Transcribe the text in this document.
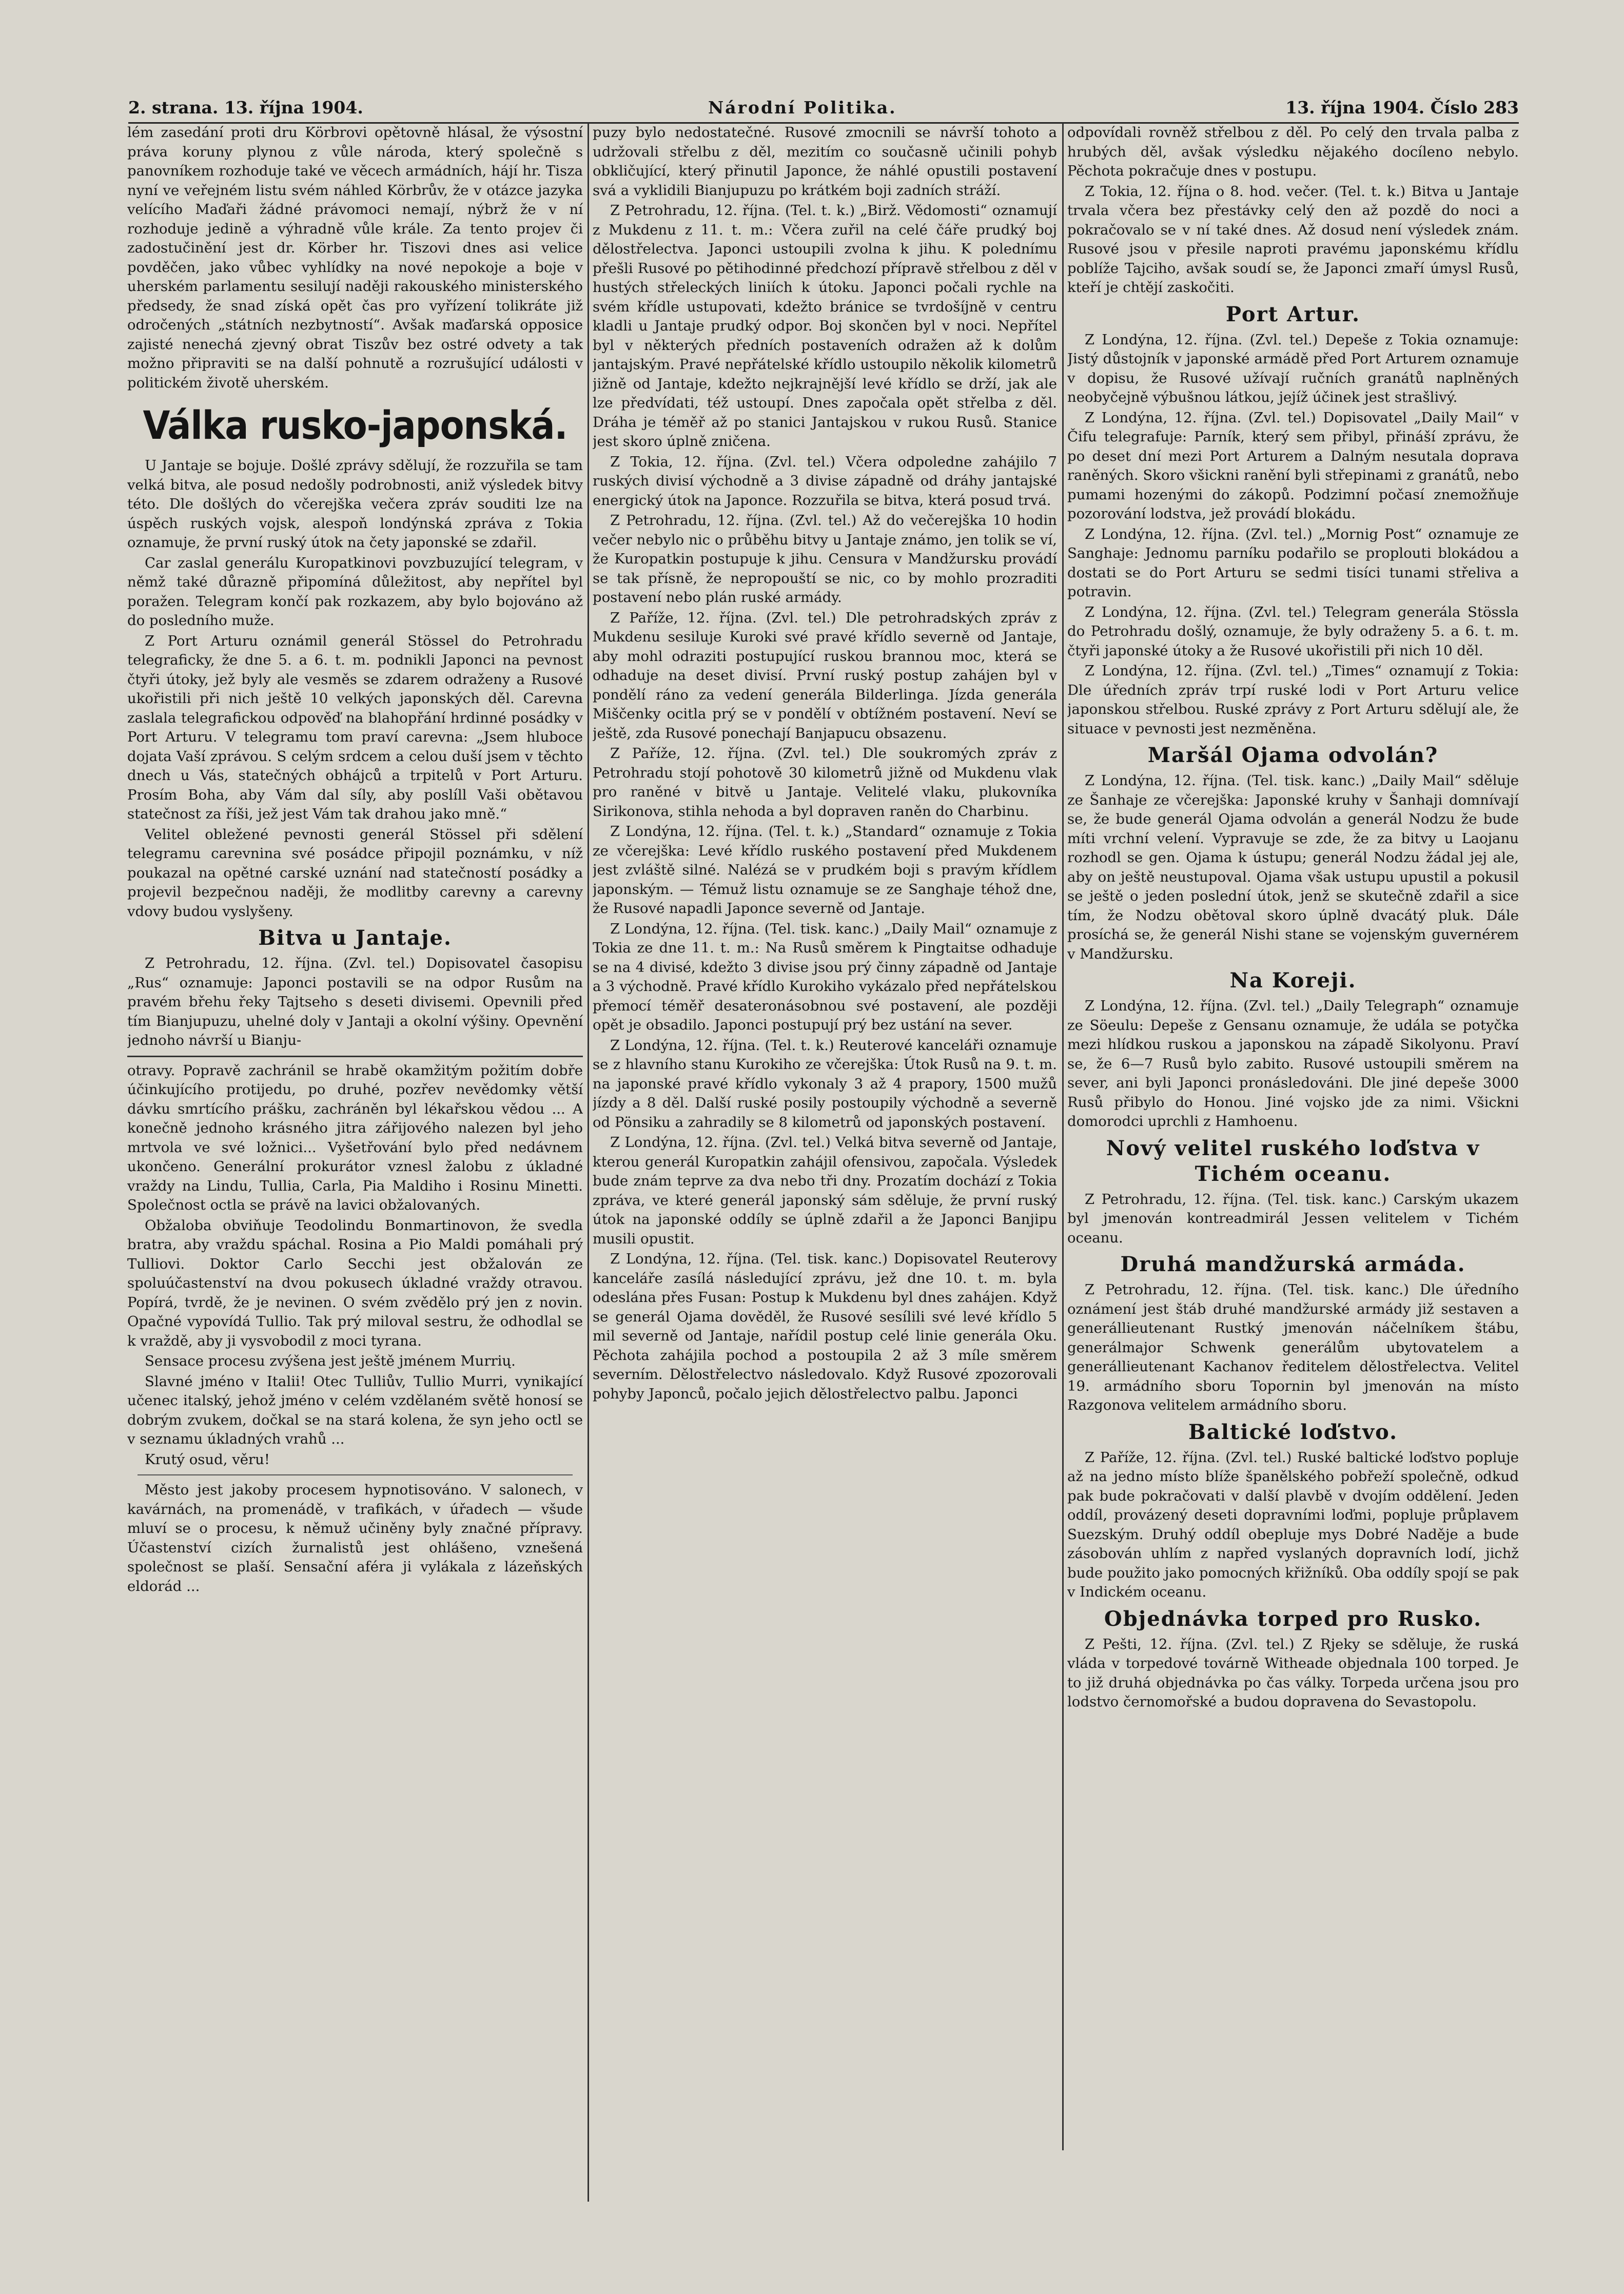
2. strana. 13. října 1904.	Národní Politika.	13. října 1904. Číslo 283

lém zasedání proti dru Körbrovi opětovně hlásal, že výsostní práva koruny plynou z vůle národa, který společně s panovníkem rozhoduje také ve věcech armádních, hájí hr. Tisza nyní ve veřejném listu svém náhled Körbrův, že v otázce jazyka velícího Maďaři žádné právomoci nemají, nýbrž že v ní rozhoduje jedině a výhradně vůle krále. Za tento projev či zadostučinění jest dr. Körber hr. Tiszovi dnes asi velice povděčen, jako vůbec vyhlídky na nové nepokoje a boje v uherském parlamentu sesilují naději rakouského ministerského předsedy, že snad získá opět čas pro vyřízení tolikráte již odročených „státních nezbytností“. Avšak maďarská opposice zajisté nenechá zjevný obrat Tiszův bez ostré odvety a tak možno připraviti se na další pohnutě a rozrušující události v politickém životě uherském.

Válka rusko-japonská.

U Jantaje se bojuje. Došlé zprávy sdělují, že rozzuřila se tam velká bitva, ale posud nedošly podrobnosti, aniž výsledek bitvy této. Dle došlých do včerejška večera zpráv souditi lze na úspěch ruských vojsk, alespoň londýnská zpráva z Tokia oznamuje, že první ruský útok na čety japonské se zdařil.

Car zaslal generálu Kuropatkinovi povzbuzující telegram, v němž také důrazně připomíná důležitost, aby nepřítel byl poražen. Telegram končí pak rozkazem, aby bylo bojováno až do posledního muže.

Z Port Arturu oznámil generál Stössel do Petrohradu telegraficky, že dne 5. a 6. t. m. podnikli Japonci na pevnost čtyři útoky, jež byly ale vesměs se zdarem odraženy a Rusové ukořistili při nich ještě 10 velkých japonských děl. Carevna zaslala telegrafickou odpověď na blahopřání hrdinné posádky v Port Arturu. V telegramu tom praví carevna: „Jsem hluboce dojata Vaší zprávou. S celým srdcem a celou duší jsem v těchto dnech u Vás, statečných obhájců a trpitelů v Port Arturu. Prosím Boha, aby Vám dal síly, aby poslíll Vaši obětavou statečnost za říši, jež jest Vám tak drahou jako mně.“

Velitel obležené pevnosti generál Stössel při sdělení telegramu carevnina své posádce připojil poznámku, v níž poukazal na opětné carské uznání nad statečností posádky a projevil bezpečnou naději, že modlitby carevny a carevny vdovy budou vyslyšeny.

Bitva u Jantaje.

Z Petrohradu, 12. října. (Zvl. tel.) Dopisovatel časopisu „Rus“ oznamuje: Japonci postavili se na odpor Rusům na pravém břehu řeky Tajtseho s deseti divisemi. Opevnili před tím Bianjupuzu, uhelné doly v Jantaji a okolní výšiny. Opevnění jednoho návrší u Bianju-

otravy. Popravě zachránil se hrabě okamžitým požitím dobře účinkujícího protijedu, po druhé, pozřev nevědomky větší dávku smrtícího prášku, zachráněn byl lékařskou vědou ... A konečně jednoho krásného jitra zářijového nalezen byl jeho mrtvola ve své ložnici... Vyšetřování bylo před nedávnem ukončeno. Generální prokurátor vznesl žalobu z úkladné vraždy na Lindu, Tullia, Carla, Pia Maldiho i Rosinu Minetti. Společnost octla se právě na lavici obžalovaných.

Obžaloba obviňuje Teodolindu Bonmartinovon, že svedla bratra, aby vraždu spáchal. Rosina a Pio Maldi pomáhali prý Tulliovi. Doktor Carlo Secchi jest obžalován ze spoluúčastenství na dvou pokusech úkladné vraždy otravou. Popírá, tvrdě, že je nevinen. O svém zvědělo prý jen z novin. Opačné vypovídá Tullio. Tak prý miloval sestru, že odhodlal se k vraždě, aby ji vysvobodil z moci tyrana.

Sensace procesu zvýšena jest ještě jménem Murrių.

Slavné jméno v Italii! Otec Tulliův, Tullio Murri, vynikající učenec italský, jehož jméno v celém vzdělaném světě honosí se dobrým zvukem, dočkal se na stará kolena, že syn jeho octl se v seznamu úkladných vrahů ...

Krutý osud, věru!

Město jest jakoby procesem hypnotisováno. V salonech, v kavárnách, na promenádě, v trafikách, v úřadech — všude mluví se o procesu, k němuž učiněny byly značné přípravy. Účastenství cizích žurnalistů jest ohlášeno, vznešená společnost se plaší. Sensační aféra ji vylákala z lázeňských eldorád ...

puzy bylo nedostatečné. Rusové zmocnili se návrší tohoto a udržovali střelbu z děl, mezitím co současně učinili pohyb obkličující, který přinutil Japonce, že náhlé opustili postavení svá a vyklidili Bianjupuzu po krátkém boji zadních stráží.

Z Petrohradu, 12. října. (Tel. t. k.) „Birž. Vědomosti“ oznamují z Mukdenu z 11. t. m.: Včera zuřil na celé čáře prudký boj dělostřelectva. Japonci ustoupili zvolna k jihu. K polednímu přešli Rusové po pětihodinné předchozí přípravě střelbou z děl v hustých střeleckých liniích k útoku. Japonci počali rychle na svém křídle ustupovati, kdežto bránice se tvrdošíjně v centru kladli u Jantaje prudký odpor. Boj skončen byl v noci. Nepřítel byl v některých předních postaveních odražen až k dolům jantajským. Pravé nepřátelské křídlo ustoupilo několik kilometrů jižně od Jantaje, kdežto nejkrajnější levé křídlo se drží, jak ale lze předvídati, též ustoupí. Dnes započala opět střelba z děl. Dráha je téměř až po stanici Jantajskou v rukou Rusů. Stanice jest skoro úplně zničena.

Z Tokia, 12. října. (Zvl. tel.) Včera odpoledne zahájilo 7 ruských divisí východně a 3 divise západně od dráhy jantajské energický útok na Japonce. Rozzuřila se bitva, která posud trvá.

Z Petrohradu, 12. října. (Zvl. tel.) Až do večerejška 10 hodin večer nebylo nic o průběhu bitvy u Jantaje známo, jen tolik se ví, že Kuropatkin postupuje k jihu. Censura v Mandžursku provádí se tak přísně, že nepropouští se nic, co by mohlo prozraditi postavení nebo plán ruské armády.

Z Paříže, 12. října. (Zvl. tel.) Dle petrohradských zpráv z Mukdenu sesiluje Kuroki své pravé křídlo severně od Jantaje, aby mohl odraziti postupující ruskou brannou moc, která se odhaduje na deset divisí. První ruský postup zahájen byl v pondělí ráno za vedení generála Bilderlinga. Jízda generála Miščenky ocitla prý se v pondělí v obtížném postavení. Neví se ještě, zda Rusové ponechají Banjapucu obsazenu.

Z Paříže, 12. října. (Zvl. tel.) Dle soukromých zpráv z Petrohradu stojí pohotově 30 kilometrů jižně od Mukdenu vlak pro raněné v bitvě u Jantaje. Velitelé vlaku, plukovníka Sirikonova, stihla nehoda a byl dopraven raněn do Charbinu.

Z Londýna, 12. října. (Tel. t. k.) „Standard“ oznamuje z Tokia ze včerejška: Levé křídlo ruského postavení před Mukdenem jest zvláště silné. Nalézá se v prudkém boji s pravým křídlem japonským. — Témuž listu oznamuje se ze Sanghaje téhož dne, že Rusové napadli Japonce severně od Jantaje.

Z Londýna, 12. října. (Tel. tisk. kanc.) „Daily Mail“ oznamuje z Tokia ze dne 11. t. m.: Na Rusů směrem k Pingtaitse odhaduje se na 4 divisé, kdežto 3 divise jsou prý činny západně od Jantaje a 3 východně. Pravé křídlo Kurokiho vykázalo před nepřátelskou přemocí téměř desateronásobnou své postavení, ale později opět je obsadilo. Japonci postupují prý bez ustání na sever.

Z Londýna, 12. října. (Tel. t. k.) Reuterové kanceláři oznamuje se z hlavního stanu Kurokiho ze včerejška: Útok Rusů na 9. t. m. na japonské pravé křídlo vykonaly 3 až 4 prapory, 1500 mužů jízdy a 8 děl. Další ruské posily postoupily východně a severně od Pönsiku a zahradily se 8 kilometrů od japonských postavení.

Z Londýna, 12. října. (Zvl. tel.) Velká bitva severně od Jantaje, kterou generál Kuropatkin zahájil ofensivou, započala. Výsledek bude znám teprve za dva nebo tři dny. Prozatím dochází z Tokia zpráva, ve které generál japonský sám sděluje, že první ruský útok na japonské oddíly se úplně zdařil a že Japonci Banjipu musili opustit.

Z Londýna, 12. října. (Tel. tisk. kanc.) Dopisovatel Reuterovy kanceláře zasílá následující zprávu, jež dne 10. t. m. byla odeslána přes Fusan: Postup k Mukdenu byl dnes zahájen. Když se generál Ojama dověděl, že Rusové sesílili své levé křídlo 5 mil severně od Jantaje, nařídil postup celé linie generála Oku. Pěchota zahájila pochod a postoupila 2 až 3 míle směrem severním. Dělostřelectvo následovalo. Když Rusové zpozorovali pohyby Japonců, počalo jejich dělostřelectvo palbu. Japonci

odpovídali rovněž střelbou z děl. Po celý den trvala palba z hrubých děl, avšak výsledku nějakého docíleno nebylo. Pěchota pokračuje dnes v postupu.

Z Tokia, 12. října o 8. hod. večer. (Tel. t. k.) Bitva u Jantaje trvala včera bez přestávky celý den až pozdě do noci a pokračovalo se v ní také dnes. Až dosud není výsledek znám. Rusové jsou v přesile naproti pravému japonskému křídlu poblíže Tajciho, avšak soudí se, že Japonci zmaří úmysl Rusů, kteří je chtějí zaskočiti.

Port Artur.

Z Londýna, 12. října. (Zvl. tel.) Depeše z Tokia oznamuje: Jistý důstojník v japonské armádě před Port Arturem oznamuje v dopisu, že Rusové užívají ručních granátů naplněných neobyčejně výbušnou látkou, jejíž účinek jest strašlivý.

Z Londýna, 12. října. (Zvl. tel.) Dopisovatel „Daily Mail“ v Čifu telegrafuje: Parník, který sem přibyl, přináší zprávu, že po deset dní mezi Port Arturem a Dalným nesutala doprava raněných. Skoro všickni ranění byli střepinami z granátů, nebo pumami hozenými do zákopů. Podzimní počasí znemožňuje pozorování lodstva, jež provádí blokádu.

Z Londýna, 12. října. (Zvl. tel.) „Mornig Post“ oznamuje ze Sanghaje: Jednomu parníku podařilo se proplouti blokádou a dostati se do Port Arturu se sedmi tisíci tunami střeliva a potravin.

Z Londýna, 12. října. (Zvl. tel.) Telegram generála Stössla do Petrohradu došlý, oznamuje, že byly odraženy 5. a 6. t. m. čtyři japonské útoky a že Rusové ukořistili při nich 10 děl.

Z Londýna, 12. října. (Zvl. tel.) „Times“ oznamují z Tokia: Dle úředních zpráv trpí ruské lodi v Port Arturu velice japonskou střelbou. Ruské zprávy z Port Arturu sdělují ale, že situace v pevnosti jest nezměněna.

Maršál Ojama odvolán?

Z Londýna, 12. října. (Tel. tisk. kanc.) „Daily Mail“ sděluje ze Šanhaje ze včerejška: Japonské kruhy v Šanhaji domnívají se, že bude generál Ojama odvolán a generál Nodzu že bude míti vrchní velení. Vypravuje se zde, že za bitvy u Laojanu rozhodl se gen. Ojama k ústupu; generál Nodzu žádal jej ale, aby on ještě neustupoval. Ojama však ustupu upustil a pokusil se ještě o jeden poslední útok, jenž se skutečně zdařil a sice tím, že Nodzu obětoval skoro úplně dvacátý pluk. Dále prosíchá se, že generál Nishi stane se vojenským guvernérem v Mandžursku.

Na Koreji.

Z Londýna, 12. října. (Zvl. tel.) „Daily Telegraph“ oznamuje ze Söeulu: Depeše z Gensanu oznamuje, že udála se potyčka mezi hlídkou ruskou a japonskou na západě Sikolyonu. Praví se, že 6—7 Rusů bylo zabito. Rusové ustoupili směrem na sever, ani byli Japonci pronásledováni. Dle jiné depeše 3000 Rusů přibylo do Honou. Jiné vojsko jde za nimi. Všickni domorodci uprchli z Hamhoenu.

Nový velitel ruského loďstva v Tichém oceanu.

Z Petrohradu, 12. října. (Tel. tisk. kanc.) Carským ukazem byl jmenován kontreadmirál Jessen velitelem v Tichém oceanu.

Druhá mandžurská armáda.

Z Petrohradu, 12. října. (Tel. tisk. kanc.) Dle úředního oznámení jest štáb druhé mandžurské armády již sestaven a generállieutenant Rustký jmenován náčelníkem štábu, generálmajor Schwenk generálům ubytovatelem a generállieutenant Kachanov ředitelem dělostřelectva. Velitel 19. armádního sboru Topornin byl jmenován na místo Razgonova velitelem armádního sboru.

Baltické loďstvo.

Z Paříže, 12. října. (Zvl. tel.) Ruské baltické loďstvo popluje až na jedno místo blíže španělského pobřeží společně, odkud pak bude pokračovati v další plavbě v dvojím oddělení. Jeden oddíl, provázený deseti dopravními loďmi, popluje průplavem Suezským. Druhý oddíl obepluje mys Dobré Naděje a bude zásobován uhlím z napřed vyslaných dopravních lodí, jichž bude použito jako pomocných křižníků. Oba oddíly spojí se pak v Indickém oceanu.

Objednávka torped pro Rusko.

Z Pešti, 12. října. (Zvl. tel.) Z Rjeky se sděluje, že ruská vláda v torpedové továrně Witheade objednala 100 torped. Je to již druhá objednávka po čas války. Torpeda určena jsou pro lodstvo černomořské a budou dopravena do Sevastopolu.
